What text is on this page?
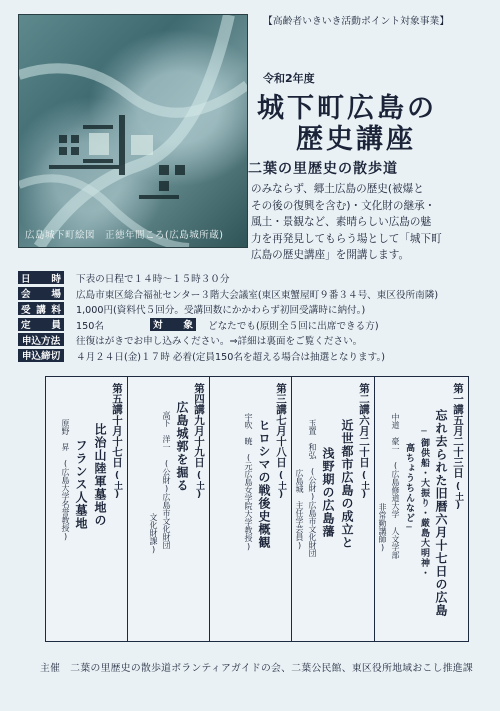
広島城下町絵図　正徳年間ころ(広島城所蔵)
【高齢者いきいき活動ポイント対象事業】
令和2年度
城下町広島の
歴史講座
二葉の里歴史の散歩道

のみならず、郷土広島の歴史(被爆と

その後の復興を含む)・文化財の継承・

風土・景観など、素晴らしい広島の魅

力を再発見してもらう場として「城下町

広島の歴史講座」を開講します。

日 時 下表の日程で１４時～１５時３０分
会 場 広島市東区総合福祉センター３階大会議室(東区東蟹屋町９番３４号、東区役所南隣)
受 講 料 1,000円(資料代５回分。受講回数にかかわらず初回受講時に納付。)
定 員 150名	対 象 どなたでも(原則全５回に出席できる方)
申込方法	往復はがきでお申し込みください。⇒詳細は裏面をご覧ください。
申込締切	４月２４日(金)１７時 必着(定員150名を超える場合は抽選となります。)
第一講
五月二十三日
(土)
忘れ去られた旧暦六月十七日の広島
─御供船・大振り・厳島大明神・
高ちょうちんなど─
中道　豪一　(広島修道大学 人文学部
非常勤講師)
第二講
六月二十日
(土)
近世都市広島の成立と
浅野期の広島藩
玉置　和弘　(公財)広島市文化財団
広島城　主任学芸員)
第三講
七月十八日
(土)
ヒロシマの戦後史概観
宇吹　暁　(元広島女学院大学教授)
第四講
九月十九日
(土)
広島城郭を掘る
高下　洋一　(公財)広島市文化財団
文化財課)
第五講
十月十七日
(土)
比治山陸軍墓地の
フランス人墓地
原野　昇　(広島大学名誉教授)
主催　二葉の里歴史の散歩道ボランティアガイドの会、二葉公民館、東区役所地域おこし推進課
